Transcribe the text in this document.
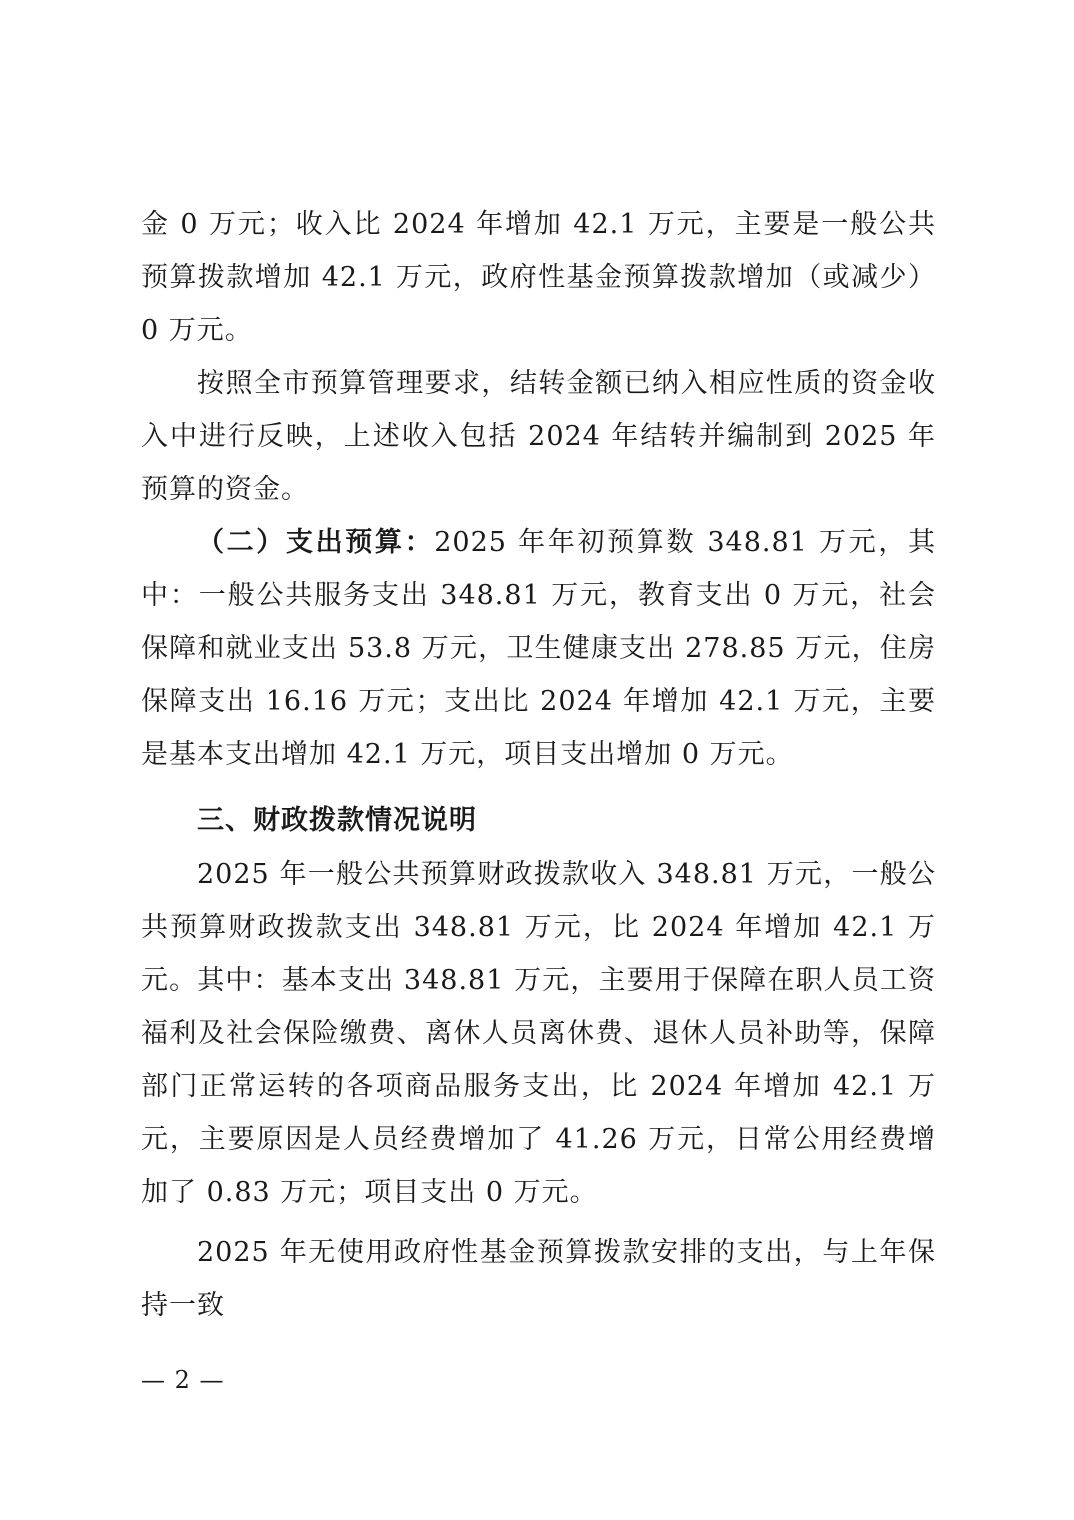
金 0 万元；收入比 2024 年增加 42.1 万元，主要是一般公共预算拨款增加 42.1 万元，政府性基金预算拨款增加（或减少）0 万元。

按照全市预算管理要求，结转金额已纳入相应性质的资金收入中进行反映，上述收入包括 2024 年结转并编制到 2025 年预算的资金。

（二）支出预算：2025 年年初预算数 348.81 万元，其中：一般公共服务支出 348.81 万元，教育支出 0 万元，社会保障和就业支出 53.8 万元，卫生健康支出 278.85 万元，住房保障支出 16.16 万元；支出比 2024 年增加 42.1 万元，主要是基本支出增加 42.1 万元，项目支出增加 0 万元。

三、财政拨款情况说明

2025 年一般公共预算财政拨款收入 348.81 万元，一般公共预算财政拨款支出 348.81 万元，比 2024 年增加 42.1 万元。其中：基本支出 348.81 万元，主要用于保障在职人员工资福利及社会保险缴费、离休人员离休费、退休人员补助等，保障部门正常运转的各项商品服务支出，比 2024 年增加 42.1 万元，主要原因是人员经费增加了 41.26 万元，日常公用经费增加了 0.83 万元；项目支出 0 万元。

2025 年无使用政府性基金预算拨款安排的支出，与上年保持一致

— 2 —
